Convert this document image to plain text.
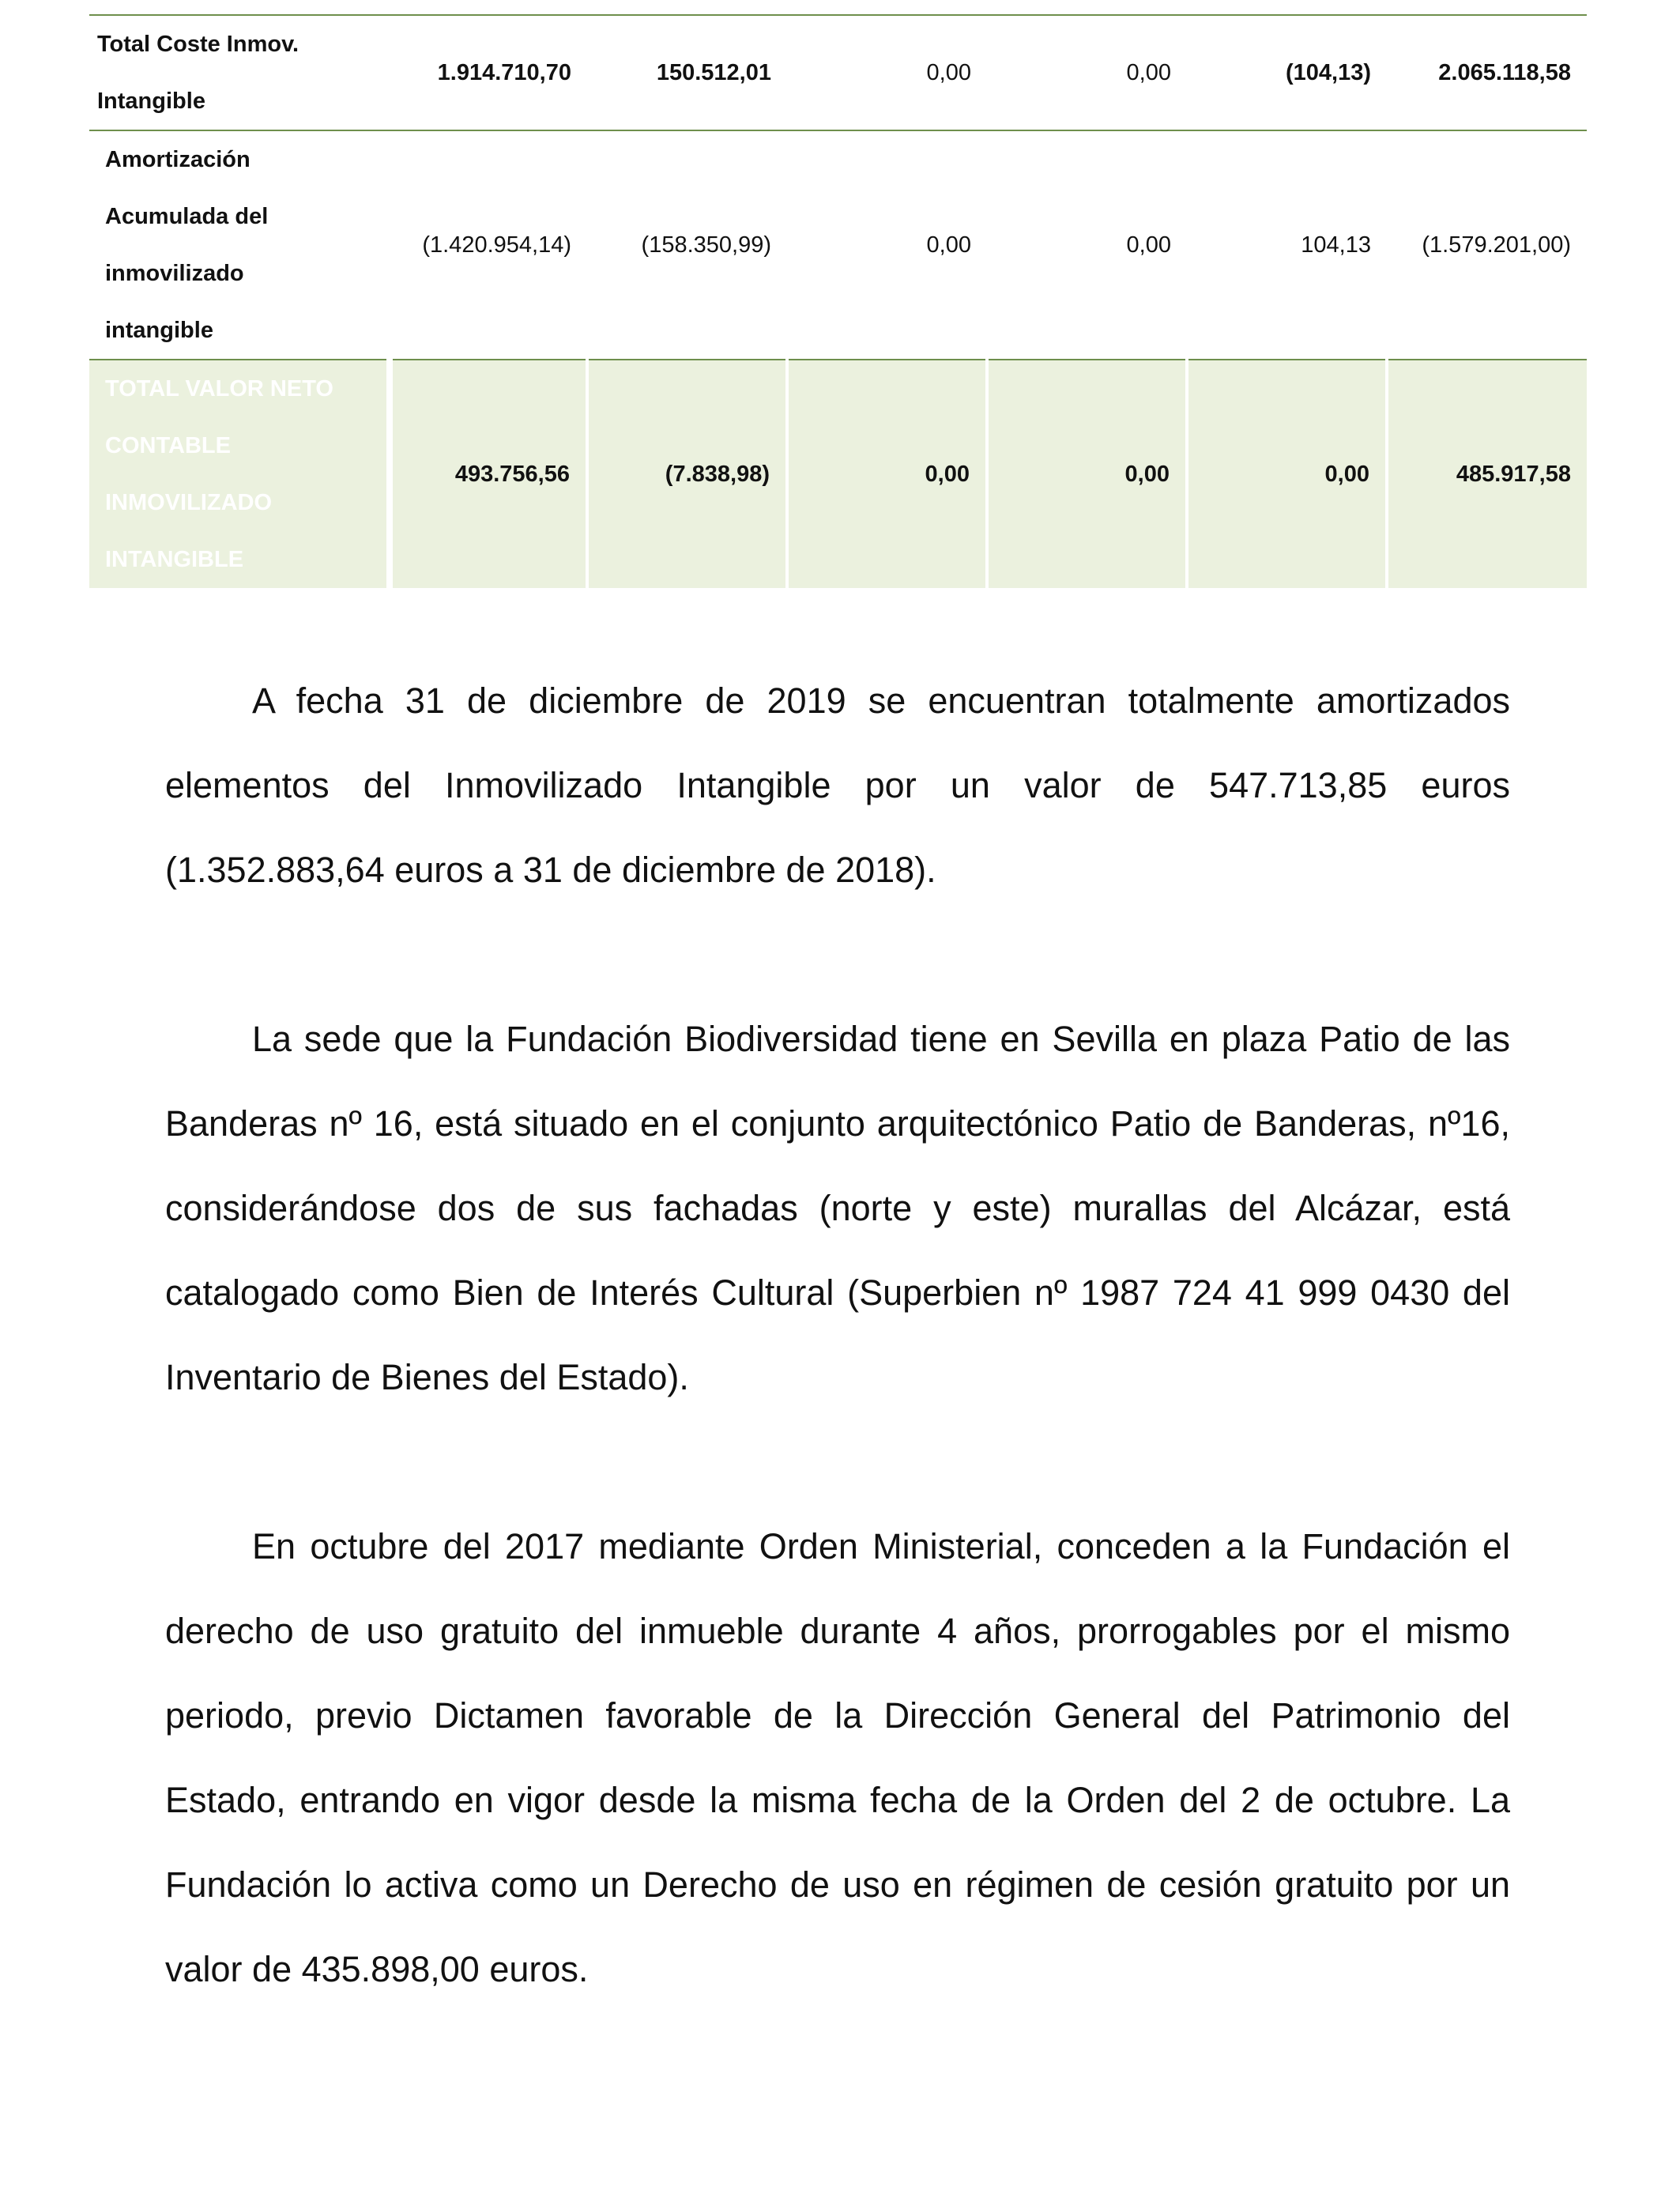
Total Coste Inmov.
Intangible	1.914.710,70	150.512,01	0,00	0,00	(104,13)	2.065.118,58
Amortización
Acumulada del
inmovilizado
intangible	(1.420.954,14)	(158.350,99)	0,00	0,00	104,13	(1.579.201,00)
TOTAL VALOR NETO
CONTABLE
INMOVILIZADO
INTANGIBLE	493.756,56	(7.838,98)	0,00	0,00	0,00	485.917,58

A fecha 31 de diciembre de 2019 se encuentran totalmente amortizados elementos del Inmovilizado Intangible por un valor de 547.713,85 euros (1.352.883,64 euros a 31 de diciembre de 2018).

La sede que la Fundación Biodiversidad tiene en Sevilla en plaza Patio de las Banderas nº 16, está situado en el conjunto arquitectónico Patio de Banderas, nº16, considerándose dos de sus fachadas (norte y este) murallas del Alcázar, está catalogado como Bien de Interés Cultural (Superbien nº 1987 724 41 999 0430 del Inventario de Bienes del Estado).

En octubre del 2017 mediante Orden Ministerial, conceden a la Fundación el derecho de uso gratuito del inmueble durante 4 años, prorrogables por el mismo periodo, previo Dictamen favorable de la Dirección General del Patrimonio del Estado, entrando en vigor desde la misma fecha de la Orden del 2 de octubre. La Fundación lo activa como un Derecho de uso en régimen de cesión gratuito por un valor de 435.898,00 euros.
